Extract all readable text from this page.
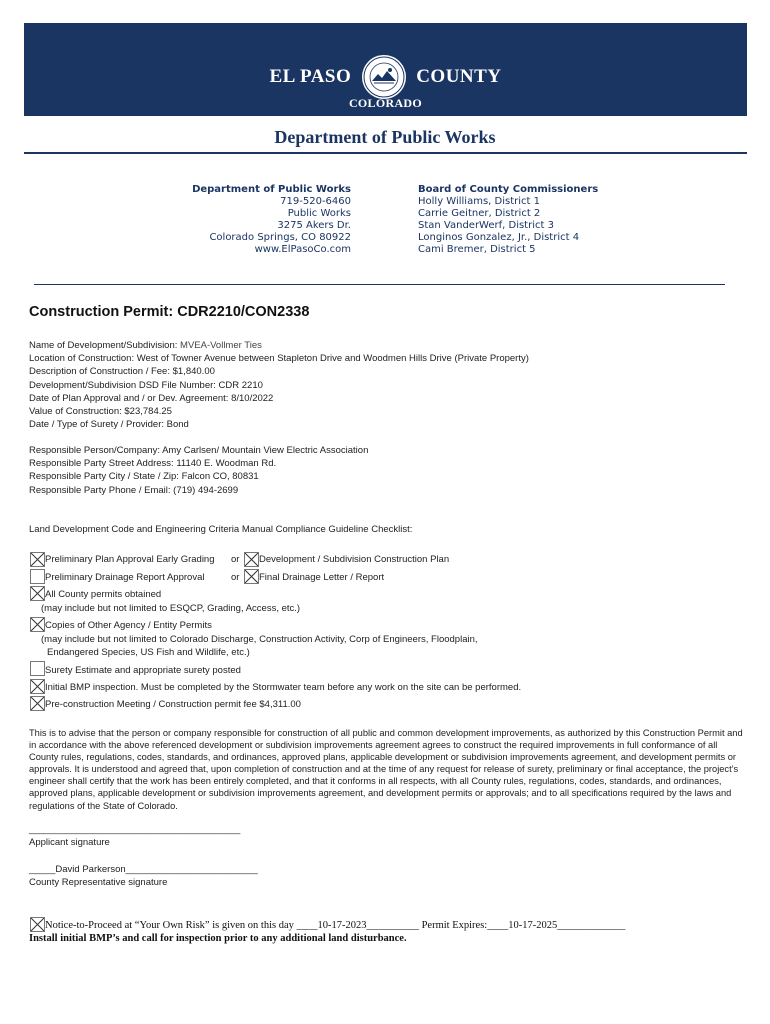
EL PASO	COUNTY
COLORADO
Department of Public Works
Department of Public Works
719-520-6460
Public Works
3275 Akers Dr.
Colorado Springs, CO 80922
www.ElPasoCo.com
Board of County Commissioners
Holly Williams, District 1
Carrie Geitner, District 2
Stan VanderWerf, District 3
Longinos Gonzalez, Jr., District 4
Cami Bremer, District 5
Construction Permit: CDR2210/CON2338
Name of Development/Subdivision: MVEA-Vollmer Ties
Location of Construction: West of Towner Avenue between Stapleton Drive and Woodmen Hills Drive (Private Property)
Description of Construction / Fee: $1,840.00
Development/Subdivision DSD File Number: CDR 2210
Date of Plan Approval and / or Dev. Agreement: 8/10/2022
Value of Construction: $23,784.25
Date / Type of Surety / Provider: Bond
Responsible Person/Company: Amy Carlsen/ Mountain View Electric Association
Responsible Party Street Address: 11140 E. Woodman Rd.
Responsible Party City / State / Zip: Falcon CO, 80831
Responsible Party Phone / Email: (719) 494-2699
Land Development Code and Engineering Criteria Manual Compliance Guideline Checklist:
Preliminary Plan Approval Early Grading or Development / Subdivision Construction Plan
Preliminary Drainage Report Approval	or Final Drainage Letter / Report
All County permits obtained
(may include but not limited to ESQCP, Grading, Access, etc.)
Copies of Other Agency / Entity Permits
(may include but not limited to Colorado Discharge, Construction Activity, Corp of Engineers, Floodplain,
Endangered Species, US Fish and Wildlife, etc.)
Surety Estimate and appropriate surety posted
Initial BMP inspection. Must be completed by the Stormwater team before any work on the site can be performed.
Pre-construction Meeting / Construction permit fee $4,311.00
This is to advise that the person or company responsible for construction of all public and common development improvements, as authorized by this Construction Permit and in accordance with the above referenced development or subdivision improvements agreement agrees to construct the required improvements in full conformance of all County rules, regulations, codes, standards, and ordinances, approved plans, applicable development or subdivision improvements agreement, and development permits or approvals. It is understood and agreed that, upon completion of construction and at the time of any request for release of surety, preliminary or final acceptance, the project’s engineer shall certify that the work has been entirely completed, and that it conforms in all respects, with all County rules, regulations, codes, standards, and ordinances, approved plans, applicable development or subdivision improvements agreement, and development permits or approvals; and to all specifications required by the laws and regulations of the State of Colorado.
________________________________________
Applicant signature
_____David Parkerson_________________________
County Representative signature
Notice-to-Proceed at “Your Own Risk” is given on this day ____10-17-2023__________ Permit Expires:____10-17-2025_____________
Install initial BMP’s and call for inspection prior to any additional land disturbance.
